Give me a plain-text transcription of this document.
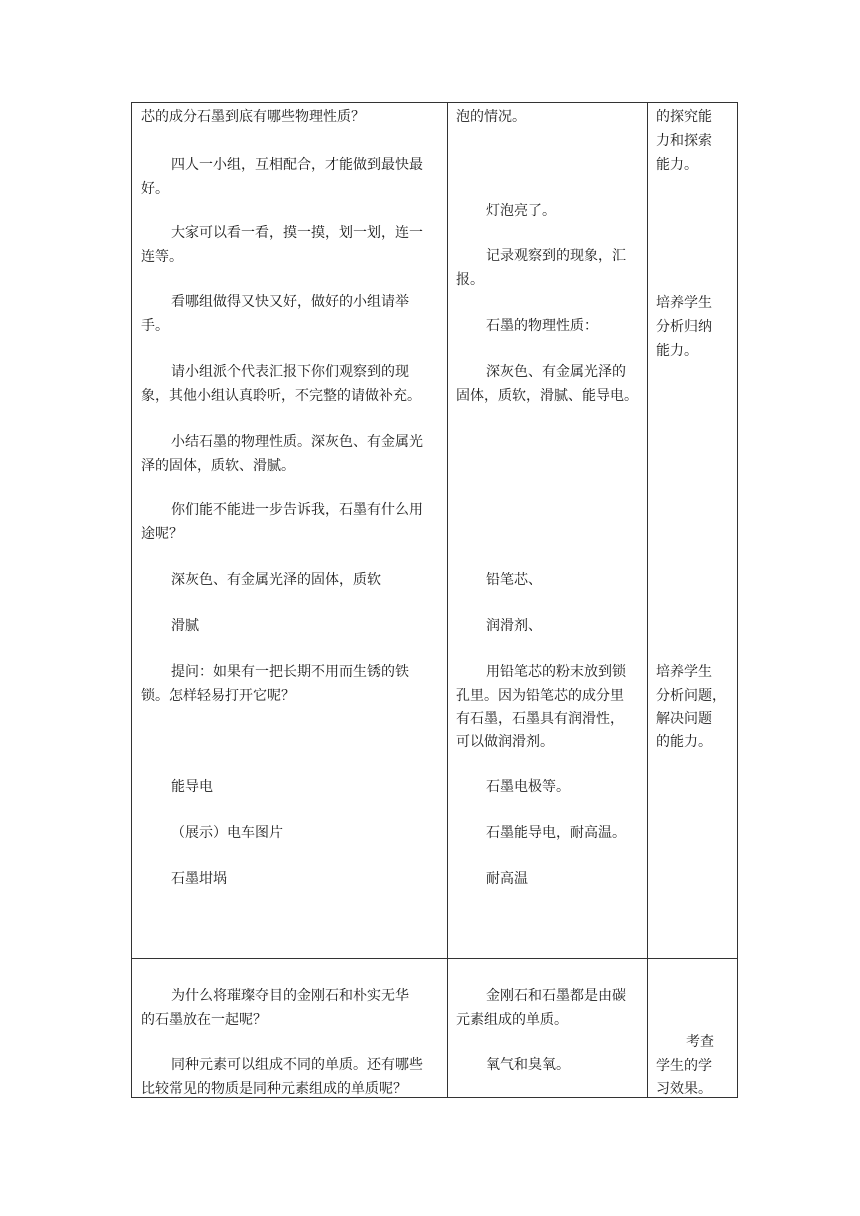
芯的成分石墨到底有哪些物理性质？

四人一小组，互相配合，才能做到最快最

好。

大家可以看一看，摸一摸，划一划，连一

连等。

看哪组做得又快又好，做好的小组请举

手。

请小组派个代表汇报下你们观察到的现

象，其他小组认真聆听，不完整的请做补充。

小结石墨的物理性质。深灰色、有金属光

泽的固体，质软、滑腻。

你们能不能进一步告诉我，石墨有什么用

途呢？

深灰色、有金属光泽的固体，质软

滑腻

提问：如果有一把长期不用而生锈的铁

锁。怎样轻易打开它呢？

能导电

（展示）电车图片

石墨坩埚

泡的情况。

灯泡亮了。

记录观察到的现象，汇

报。

石墨的物理性质：

深灰色、有金属光泽的

固体，质软，滑腻、能导电。

铅笔芯、

润滑剂、

用铅笔芯的粉末放到锁

孔里。因为铅笔芯的成分里

有石墨，石墨具有润滑性，

可以做润滑剂。

石墨电极等。

石墨能导电，耐高温。

耐高温

的探究能

力和探索

能力。

培养学生

分析归纳

能力。

培养学生

分析问题，

解决问题

的能力。

为什么将璀璨夺目的金刚石和朴实无华

的石墨放在一起呢？

同种元素可以组成不同的单质。还有哪些

比较常见的物质是同种元素组成的单质呢？

金刚石和石墨都是由碳

元素组成的单质。

氧气和臭氧。

考查

学生的学

习效果。
